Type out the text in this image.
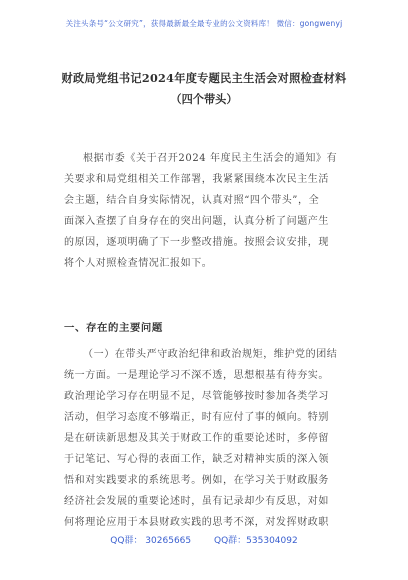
关注头条号“公文研究”，获得最新最全最专业的公文资料库！ 微信：gongwenyj
财政局党组书记2024年度专题民主生活会对照检查材料
（四个带头）
根据市委《关于召开2024 年度民主生活会的通知》有
关要求和局党组相关工作部署，我紧紧围绕本次民主生活
会主题，结合自身实际情况，认真对照“四个带头”，全
面深入查摆了自身存在的突出问题，认真分析了问题产生
的原因，逐项明确了下一步整改措施。按照会议安排，现
将个人对照检查情况汇报如下。
一、存在的主要问题
（一）在带头严守政治纪律和政治规矩，维护党的团结
统一方面。一是理论学习不深不透，思想根基有待夯实。
政治理论学习存在明显不足，尽管能够按时参加各类学习
活动，但学习态度不够端正，时有应付了事的倾向。特别
是在研读新思想及其关于财政工作的重要论述时，多停留
于记笔记、写心得的表面工作，缺乏对精神实质的深入领
悟和对实践要求的系统思考。例如，在学习关于财政服务
经济社会发展的重要论述时，虽有记录却少有反思，对如
何将理论应用于本县财政实践的思考不深，对发挥财政职
QQ群： 30265665	QQ群：535304092
